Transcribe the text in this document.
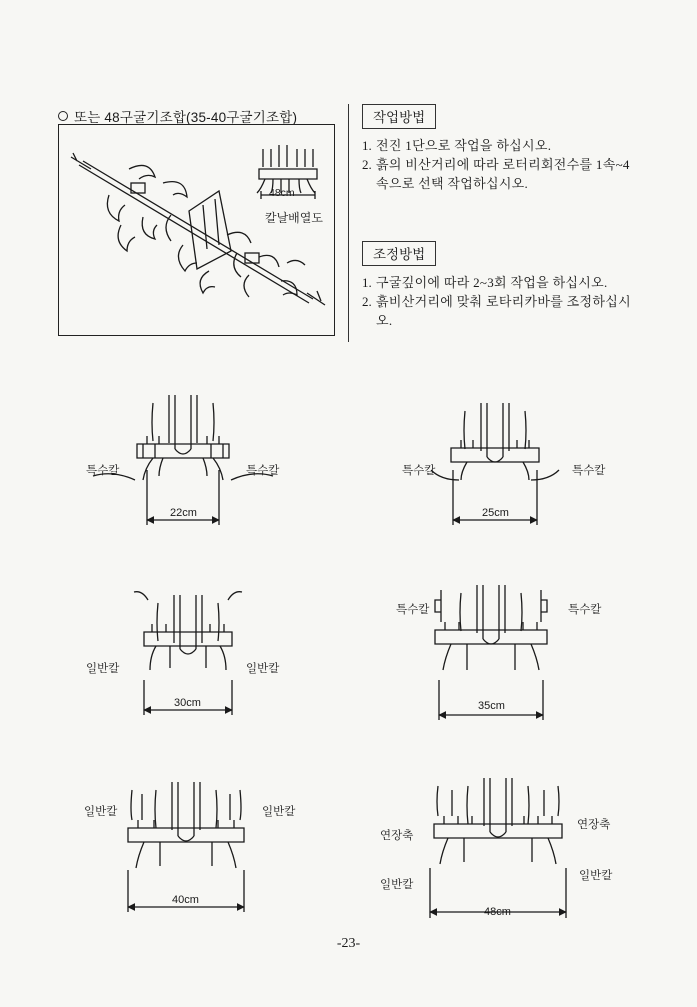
또는 48구굴기조합(35-40구굴기조합)
48cm
칼날배열도
작업방법
1. 전진 1단으로 작업을 하십시오.
2. 흙의 비산거리에 따라 로터리회전수를 1속~4속으로 선택 작업하십시오.
조정방법
1. 구굴깊이에 따라 2~3회 작업을 하십시오.
2. 흙비산거리에 맞춰 로타리카바를 조정하십시오.
특수칼	특수칼
22cm
특수칼	특수칼
25cm
일반칼	일반칼
30cm
특수칼	특수칼
35cm
일반칼	일반칼
40cm
연장축
연장축
일반칼
일반칼
48cm
-23-
